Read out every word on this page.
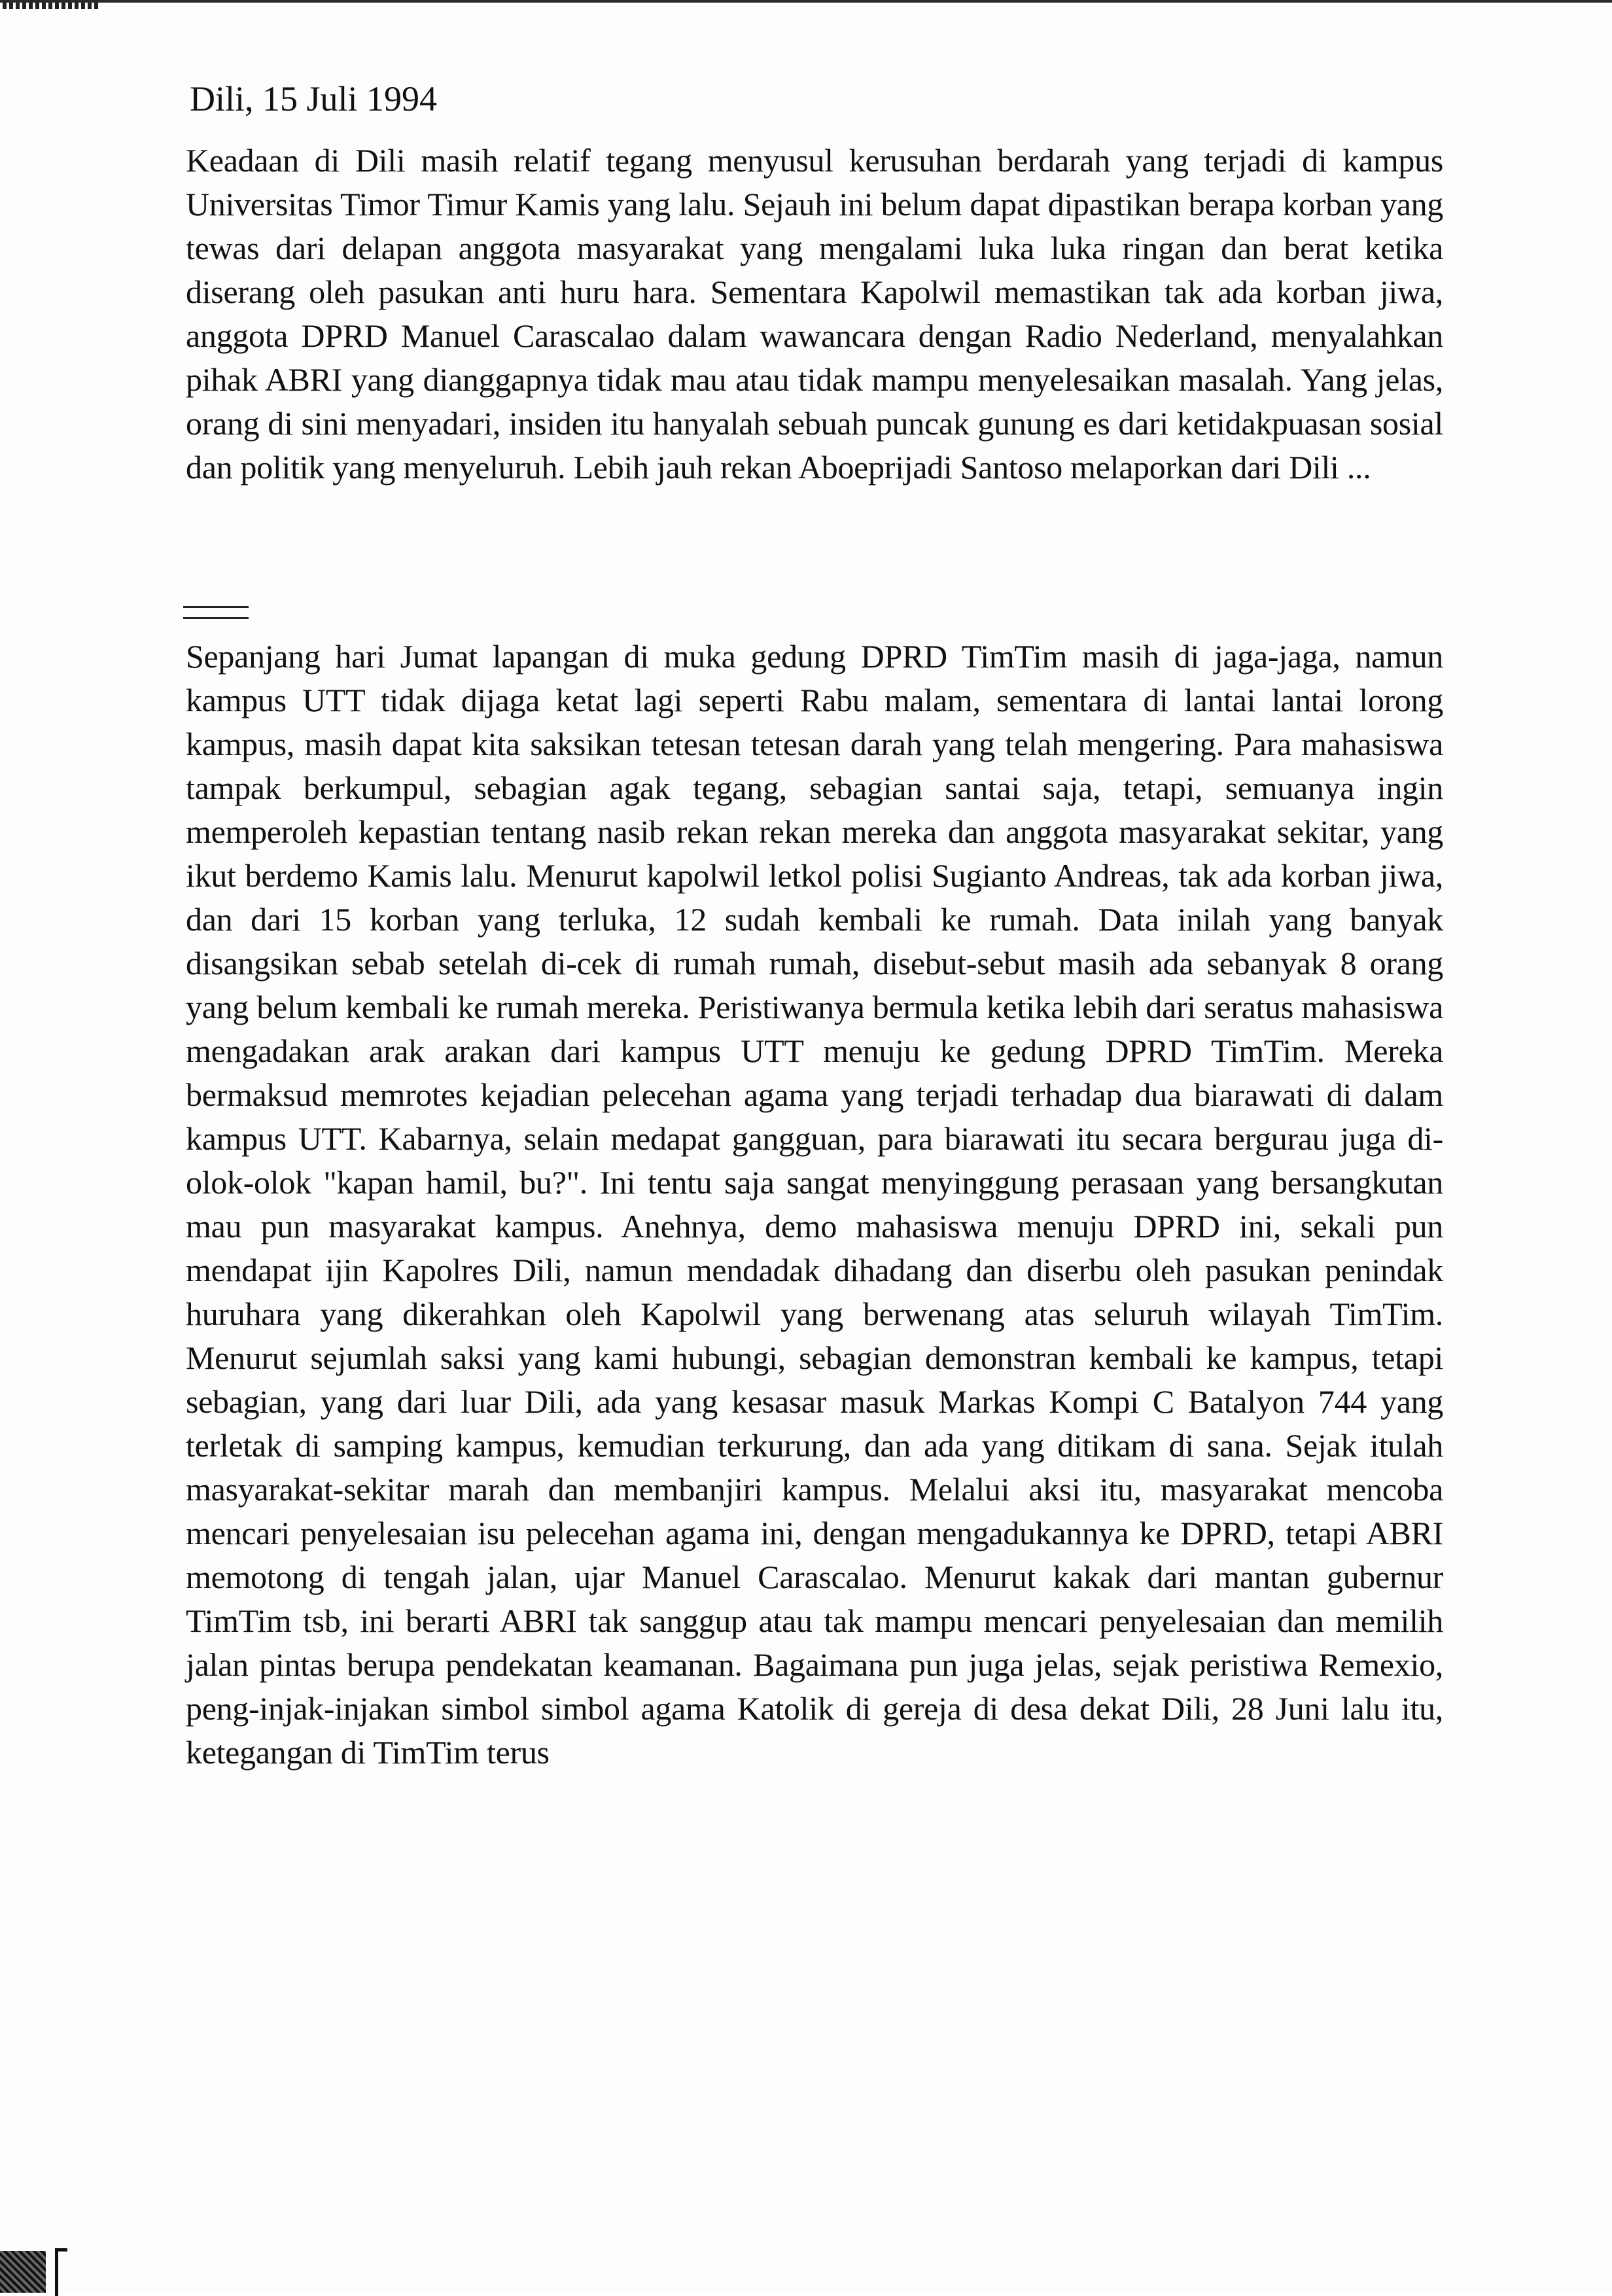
Dili, 15 Juli 1994

Keadaan di Dili masih relatif tegang menyusul kerusuhan berdarah yang terjadi di kampus Universitas Timor Timur Kamis yang lalu. Sejauh ini belum dapat dipastikan berapa korban yang tewas dari delapan anggota masyarakat yang mengalami luka luka ringan dan berat ketika diserang oleh pasukan anti huru hara. Sementara Kapolwil memastikan tak ada korban jiwa, anggota DPRD Manuel Carascalao dalam wawancara dengan Radio Nederland, menyalahkan pihak ABRI yang dianggapnya tidak mau atau tidak mampu menyelesaikan masalah. Yang jelas, orang di sini menyadari, insiden itu hanyalah sebuah puncak gunung es dari ketidakpuasan sosial dan politik yang menyeluruh. Lebih jauh rekan Aboeprijadi Santoso melaporkan dari Dili ...

Sepanjang hari Jumat lapangan di muka gedung DPRD TimTim masih di jaga-jaga, namun kampus UTT tidak dijaga ketat lagi seperti Rabu malam, sementara di lantai lantai lorong kampus, masih dapat kita saksikan tetesan tetesan darah yang telah mengering. Para mahasiswa tampak berkumpul, sebagian agak tegang, sebagian santai saja, tetapi, semuanya ingin memperoleh kepastian tentang nasib rekan rekan mereka dan anggota masyarakat sekitar, yang ikut berdemo Kamis lalu. Menurut kapolwil letkol polisi Sugianto Andreas, tak ada korban jiwa, dan dari 15 korban yang terluka, 12 sudah kembali ke rumah. Data inilah yang banyak disangsikan sebab setelah di-cek di rumah rumah, disebut-sebut masih ada sebanyak 8 orang yang belum kembali ke rumah mereka. Peristiwanya bermula ketika lebih dari seratus mahasiswa mengadakan arak arakan dari kampus UTT menuju ke gedung DPRD TimTim. Mereka bermaksud memrotes kejadian pelecehan agama yang terjadi terhadap dua biarawati di dalam kampus UTT. Kabarnya, selain medapat gangguan, para biarawati itu secara bergurau juga di-olok-olok "kapan hamil, bu?". Ini tentu saja sangat menyinggung perasaan yang bersangkutan mau pun masyarakat kampus. Anehnya, demo mahasiswa menuju DPRD ini, sekali pun mendapat ijin Kapolres Dili, namun mendadak dihadang dan diserbu oleh pasukan penindak huruhara yang dikerahkan oleh Kapolwil yang berwenang atas seluruh wilayah TimTim. Menurut sejumlah saksi yang kami hubungi, sebagian demonstran kembali ke kampus, tetapi sebagian, yang dari luar Dili, ada yang kesasar masuk Markas Kompi C Batalyon 744 yang terletak di samping kampus, kemudian terkurung, dan ada yang ditikam di sana. Sejak itulah masyarakat-sekitar marah dan membanjiri kampus. Melalui aksi itu, masyarakat mencoba mencari penyelesaian isu pelecehan agama ini, dengan mengadukannya ke DPRD, tetapi ABRI memotong di tengah jalan, ujar Manuel Carascalao. Menurut kakak dari mantan gubernur TimTim tsb, ini berarti ABRI tak sanggup atau tak mampu mencari penyelesaian dan memilih jalan pintas berupa pendekatan keamanan. Bagaimana pun juga jelas, sejak peristiwa Remexio, peng-injak-injakan simbol simbol agama Katolik di gereja di desa dekat Dili, 28 Juni lalu itu, ketegangan di TimTim terus
